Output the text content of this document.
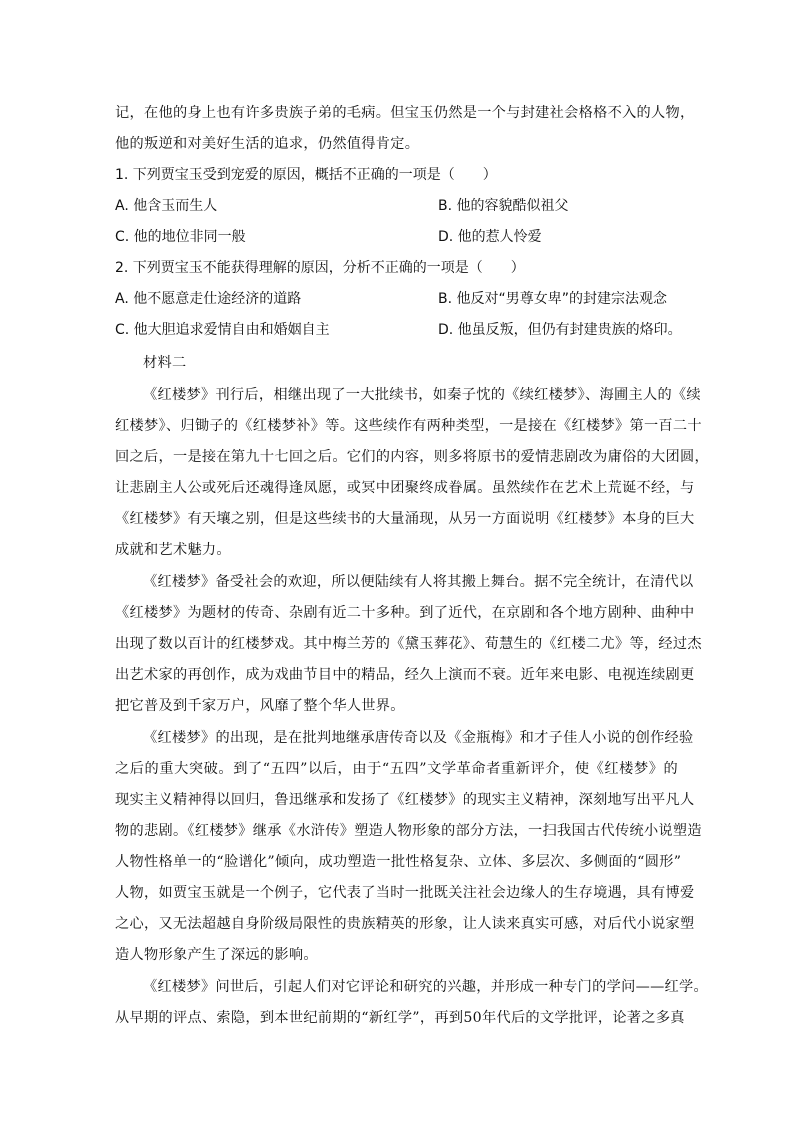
记，在他的身上也有许多贵族子弟的毛病。但宝玉仍然是一个与封建社会格格不入的人物，
他的叛逆和对美好生活的追求，仍然值得肯定。
1. 下列贾宝玉受到宠爱的原因，概括不正确的一项是（　　）
A. 他含玉而生人	B. 他的容貌酷似祖父
C. 他的地位非同一般	D. 他的惹人怜爱
2. 下列贾宝玉不能获得理解的原因，分析不正确的一项是（　　）
A. 他不愿意走仕途经济的道路	B. 他反对“男尊女卑”的封建宗法观念
C. 他大胆追求爱情自由和婚姻自主	D. 他虽反叛，但仍有封建贵族的烙印。
材料二
《红楼梦》刊行后，相继出现了一大批续书，如秦子忱的《续红楼梦》、海圃主人的《续
红楼梦》、归锄子的《红楼梦补》等。这些续作有两种类型，一是接在《红楼梦》第一百二十
回之后，一是接在第九十七回之后。它们的内容，则多将原书的爱情悲剧改为庸俗的大团圆，
让悲剧主人公或死后还魂得逢凤愿，或冥中团聚终成眷属。虽然续作在艺术上荒诞不经，与
《红楼梦》有天壤之别，但是这些续书的大量涌现，从另一方面说明《红楼梦》本身的巨大
成就和艺术魅力。
《红楼梦》备受社会的欢迎，所以便陆续有人将其搬上舞台。据不完全统计，在清代以
《红楼梦》为题材的传奇、杂剧有近二十多种。到了近代，在京剧和各个地方剧种、曲种中
出现了数以百计的红楼梦戏。其中梅兰芳的《黛玉葬花》、荀慧生的《红楼二尤》等，经过杰
出艺术家的再创作，成为戏曲节目中的精品，经久上演而不衰。近年来电影、电视连续剧更
把它普及到千家万户，风靡了整个华人世界。
《红楼梦》的出现，是在批判地继承唐传奇以及《金瓶梅》和才子佳人小说的创作经验
之后的重大突破。到了“五四”以后，由于“五四”文学革命者重新评介，使《红楼梦》的
现实主义精神得以回归，鲁迅继承和发扬了《红楼梦》的现实主义精神，深刻地写出平凡人
物的悲剧。《红楼梦》继承《水浒传》塑造人物形象的部分方法，一扫我国古代传统小说塑造
人物性格单一的“脸谱化”倾向，成功塑造一批性格复杂、立体、多层次、多侧面的“圆形”
人物，如贾宝玉就是一个例子，它代表了当时一批既关注社会边缘人的生存境遇，具有博爱
之心，又无法超越自身阶级局限性的贵族精英的形象，让人读来真实可感，对后代小说家塑
造人物形象产生了深远的影响。
《红楼梦》问世后，引起人们对它评论和研究的兴趣，并形成一种专门的学问——红学。
从早期的评点、索隐，到本世纪前期的“新红学”，再到50年代后的文学批评，论著之多真
